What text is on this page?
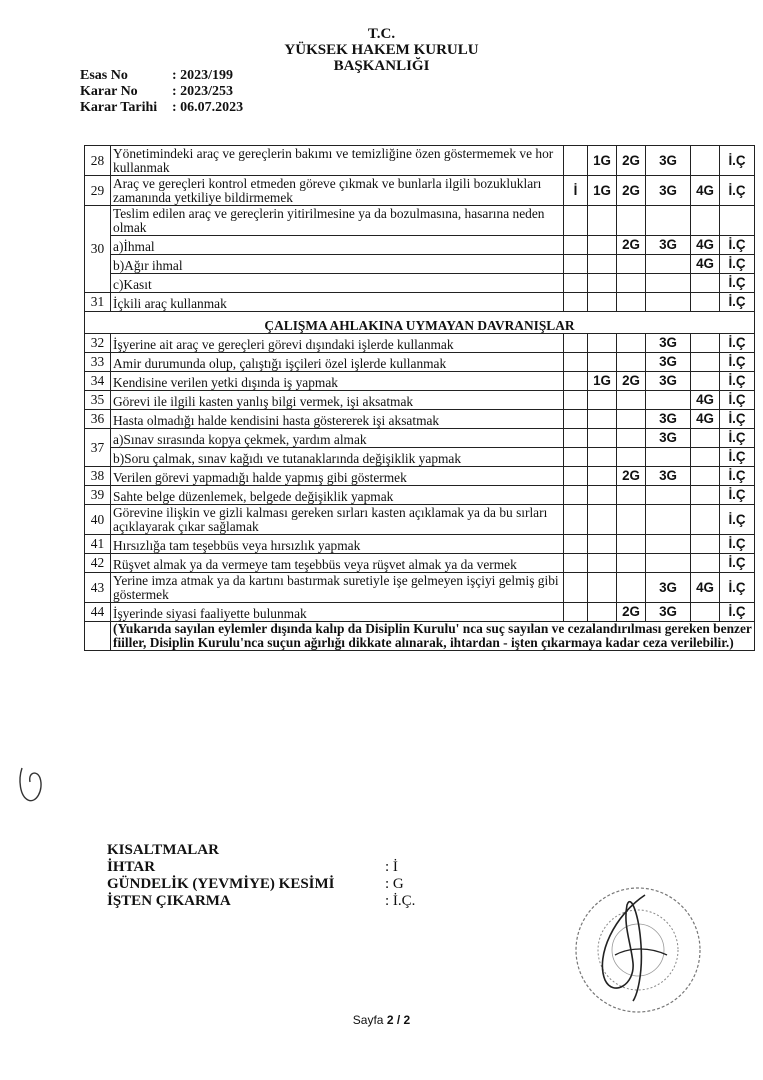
T.C.
YÜKSEK HAKEM KURULU
BAŞKANLIĞI
Esas No	: 2023/199
Karar No	: 2023/253
Karar Tarihi	: 06.07.2023
28	Yönetimindeki araç ve gereçlerin bakımı ve temizliğine özen göstermemek ve hor kullanmak		1G	2G	3G		İ.Ç
29	Araç ve gereçleri kontrol etmeden göreve çıkmak ve bunlarla ilgili bozuklukları zamanında yetkiliye bildirmemek	İ	1G	2G	3G	4G	İ.Ç
30	Teslim edilen araç ve gereçlerin yitirilmesine ya da bozulmasına, hasarına neden olmak						
	a)İhmal			2G	3G	4G	İ.Ç
	b)Ağır ihmal					4G	İ.Ç
	c)Kasıt						İ.Ç
31	İçkili araç kullanmak						İ.Ç
ÇALIŞMA AHLAKINA UYMAYAN DAVRANIŞLAR							
32	İşyerine ait araç ve gereçleri görevi dışındaki işlerde kullanmak				3G		İ.Ç
33	Amir durumunda olup, çalıştığı işçileri özel işlerde kullanmak				3G		İ.Ç
34	Kendisine verilen yetki dışında iş yapmak		1G	2G	3G		İ.Ç
35	Görevi ile ilgili kasten yanlış bilgi vermek, işi aksatmak					4G	İ.Ç
36	Hasta olmadığı halde kendisini hasta göstererek işi aksatmak				3G	4G	İ.Ç
37	a)Sınav sırasında kopya çekmek, yardım almak				3G		İ.Ç
	b)Soru çalmak, sınav kağıdı ve tutanaklarında değişiklik yapmak						İ.Ç
38	Verilen görevi yapmadığı halde yapmış gibi göstermek			2G	3G		İ.Ç
39	Sahte belge düzenlemek, belgede değişiklik yapmak						İ.Ç
40	Görevine ilişkin ve gizli kalması gereken sırları kasten açıklamak ya da bu sırları açıklayarak çıkar sağlamak						İ.Ç
41	Hırsızlığa tam teşebbüs veya hırsızlık yapmak						İ.Ç
42	Rüşvet almak ya da vermeye tam teşebbüs veya rüşvet almak ya da vermek						İ.Ç
43	Yerine imza atmak ya da kartını bastırmak suretiyle işe gelmeyen işçiyi gelmiş gibi göstermek				3G	4G	İ.Ç
44	İşyerinde siyasi faaliyette bulunmak			2G	3G		İ.Ç
	(Yukarıda sayılan eylemler dışında kalıp da Disiplin Kurulu' nca suç sayılan ve cezalandırılması gereken benzer fiiller, Disiplin Kurulu'nca suçun ağırlığı dikkate alınarak, ihtardan - işten çıkarmaya kadar ceza verilebilir.)						
KISALTMALAR
İHTAR	: İ
GÜNDELİK (YEVMİYE) KESİMİ	: G
İŞTEN ÇIKARMA	: İ.Ç.
Sayfa 2 / 2
